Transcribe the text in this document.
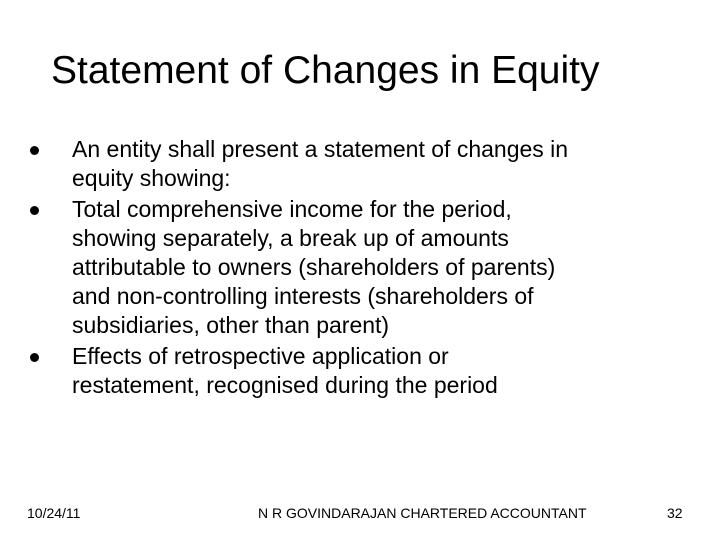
Statement of Changes in Equity
An entity shall present a statement of changes in
equity showing:
Total comprehensive income for the period,
showing separately, a break up of amounts
attributable to owners (shareholders of parents)
and non-controlling interests (shareholders of
subsidiaries, other than parent)
Effects of retrospective application or
restatement, recognised during the period
10/24/11	N R GOVINDARAJAN CHARTERED ACCOUNTANT	32
